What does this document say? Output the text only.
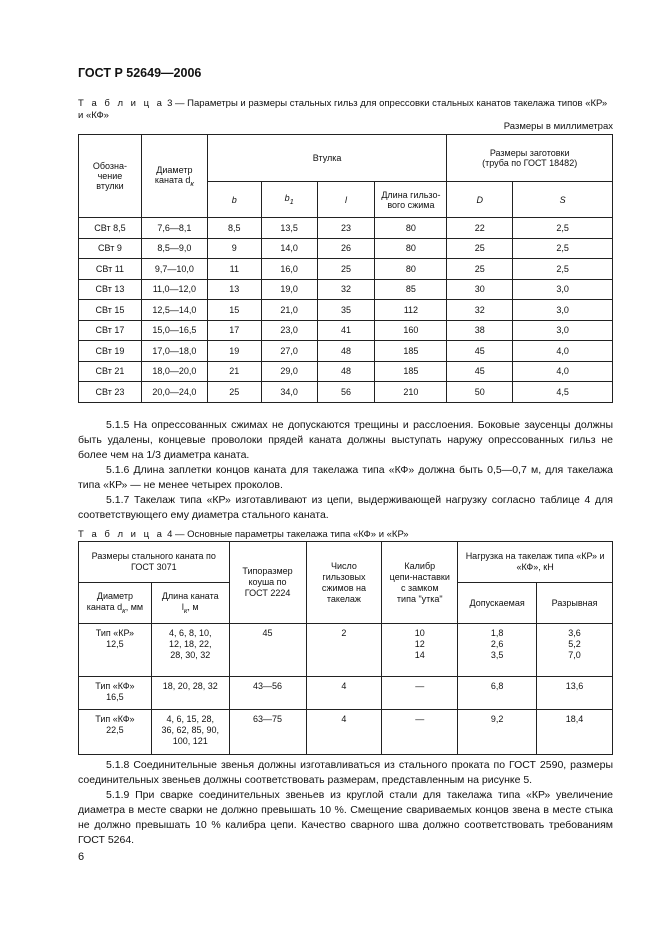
ГОСТ Р 52649—2006
Т а б л и ц а 3 — Параметры и размеры стальных гильз для опрессовки стальных канатов такелажа типов «КР»
и «КФ»
Размеры в миллиметрах
Обозна-
чение
втулки	Диаметр
каната $d_к$	Втулка				Размеры заготовки
(труба по ГОСТ 18482)	
		b	$b_1$	l	Длина гильзо-
вого сжима	D	S
СВт 8,5	7,6—8,1	8,5	13,5	23	80	22	2,5
СВт 9	8,5—9,0	9	14,0	26	80	25	2,5
СВт 11	9,7—10,0	11	16,0	25	80	25	2,5
СВт 13	11,0—12,0	13	19,0	32	85	30	3,0
СВт 15	12,5—14,0	15	21,0	35	112	32	3,0
СВт 17	15,0—16,5	17	23,0	41	160	38	3,0
СВт 19	17,0—18,0	19	27,0	48	185	45	4,0
СВт 21	18,0—20,0	21	29,0	48	185	45	4,0
СВт 23	20,0—24,0	25	34,0	56	210	50	4,5

5.1.5 На опрессованных сжимах не допускаются трещины и расслоения. Боковые заусенцы должны быть удалены, концевые проволоки прядей каната должны выступать наружу опрессованных гильз не более чем на 1/3 диаметра каната.

5.1.6 Длина заплетки концов каната для такелажа типа «КФ» должна быть 0,5—0,7 м, для такелажа типа «КР» — не менее четырех проколов.

5.1.7 Такелаж типа «КР» изготавливают из цепи, выдерживающей нагрузку согласно таблице 4 для соответствующего ему диаметра стального каната.

Т а б л и ц а 4 — Основные параметры такелажа типа «КФ» и «КР»
Размеры стального каната по
ГОСТ 3071		Типоразмер
коуша по
ГОСТ 2224	Число
гильзовых
сжимов на
такелаж	Калибр
цепи-наставки
с замком
типа "утка"	Нагрузка на такелаж типа «КР» и
«КФ», кН	
Диаметр
каната $d_к$, мм	Длина каната
$l_к$, м				Допускаемая	Разрывная
Тип «КР»
12,5	4, 6, 8, 10,
12, 18, 22,
28, 30, 32	45	2	10
12
14	1,8
2,6
3,5	3,6
5,2
7,0
Тип «КФ»
16,5	18, 20, 28, 32	43—56	4	—	6,8	13,6
Тип «КФ»
22,5	4, 6, 15, 28,
36, 62, 85, 90,
100, 121	63—75	4	—	9,2	18,4

5.1.8 Соединительные звенья должны изготавливаться из стального проката по ГОСТ 2590, размеры соединительных звеньев должны соответствовать размерам, представленным на рисунке 5.

5.1.9 При сварке соединительных звеньев из круглой стали для такелажа типа «КР» увеличение диаметра в месте сварки не должно превышать 10 %. Смещение свариваемых концов звена в месте стыка не должно превышать 10 % калибра цепи. Качество сварного шва должно соответствовать требованиям ГОСТ 5264.

6
